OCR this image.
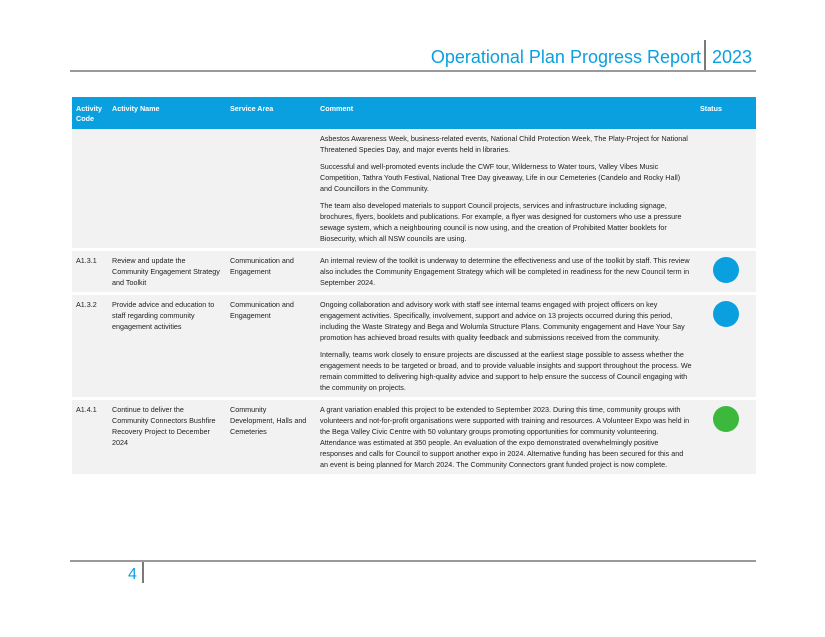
Operational Plan Progress Report 2023
Activity Code	Activity Name	Service Area	Comment	Status

			Asbestos Awareness Week, business-related events, National Child Protection Week, The Platy-Project for National Threatened Species Day, and major events held in libraries.

Successful and well-promoted events include the CWF tour, Wilderness to Water tours, Valley Vibes Music Competition, Tathra Youth Festival, National Tree Day giveaway, Life in our Cemeteries (Candelo and Rocky Hall) and Councillors in the Community.

The team also developed materials to support Council projects, services and infrastructure including signage, brochures, flyers, booklets and publications. For example, a flyer was designed for customers who use a pressure sewage system, which a neighbouring council is now using, and the creation of Prohibited Matter booklets for Biosecurity, which all NSW councils are using.	

A1.3.1	Review and update the Community Engagement Strategy and Toolkit	Communication and Engagement	An internal review of the toolkit is underway to determine the effectiveness and use of the toolkit by staff. This review also includes the Community Engagement Strategy which will be completed in readiness for the new Council term in September 2024.	

A1.3.2	Provide advice and education to staff regarding community engagement activities	Communication and Engagement	Ongoing collaboration and advisory work with staff see internal teams engaged with project officers on key engagement activities. Specifically, involvement, support and advice on 13 projects occurred during this period, including the Waste Strategy and Bega and Wolumla Structure Plans. Community engagement and Have Your Say promotion has achieved broad results with quality feedback and submissions received from the community.

Internally, teams work closely to ensure projects are discussed at the earliest stage possible to assess whether the engagement needs to be targeted or broad, and to provide valuable insights and support throughout the process. We remain committed to delivering high-quality advice and support to help ensure the success of Council engaging with the community on projects.	

A1.4.1	Continue to deliver the Community Connectors Bushfire Recovery Project to December 2024	Community Development, Halls and Cemeteries	A grant variation enabled this project to be extended to September 2023. During this time, community groups with volunteers and not-for-profit organisations were supported with training and resources. A Volunteer Expo was held in the Bega Valley Civic Centre with 50 voluntary groups promoting opportunities for community volunteering. Attendance was estimated at 350 people. An evaluation of the expo demonstrated overwhelmingly positive responses and calls for Council to support another expo in 2024. Alternative funding has been secured for this and an event is being planned for March 2024. The Community Connectors grant funded project is now complete.	

4
